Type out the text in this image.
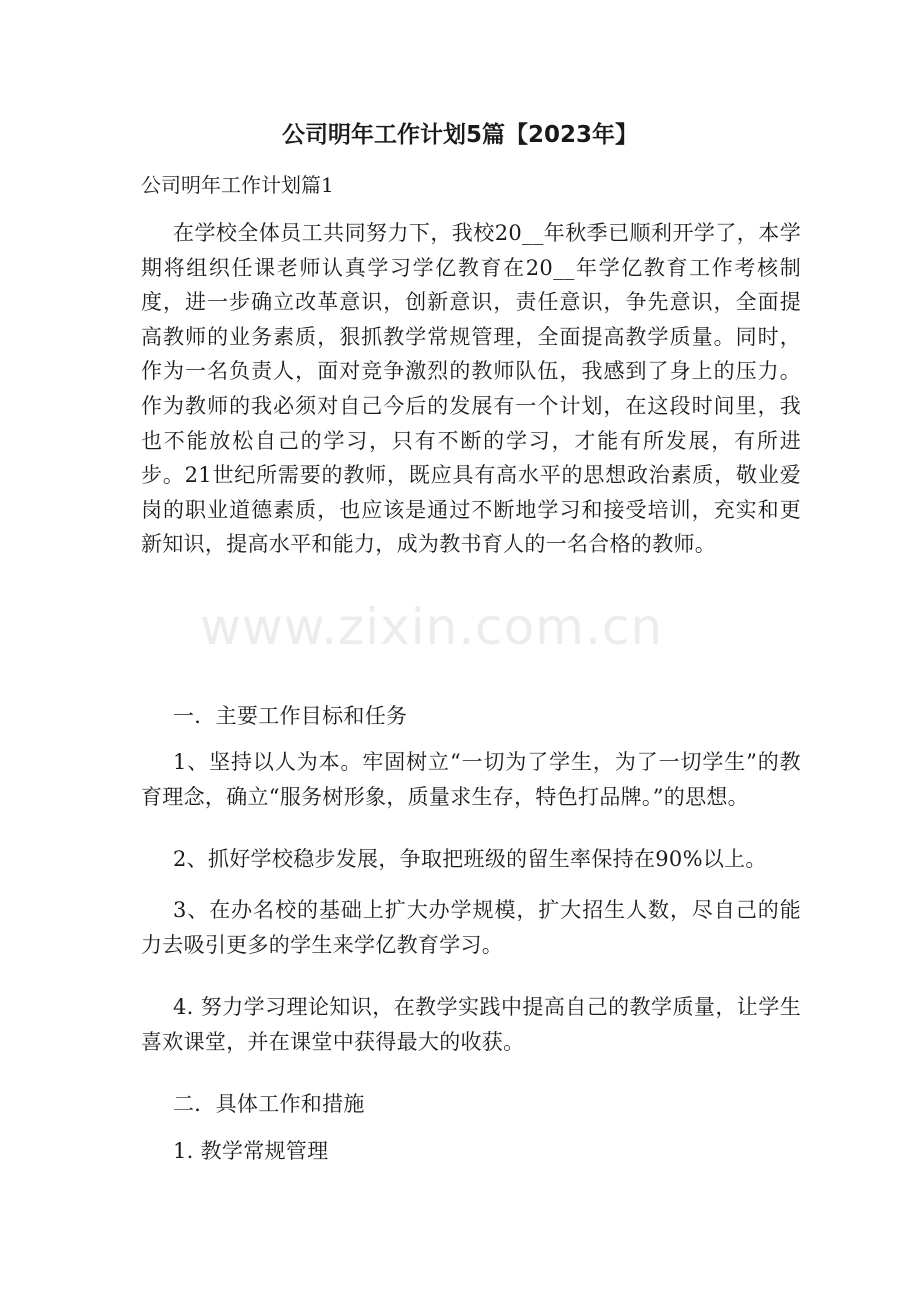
www.zixin.com.cn
公司明年工作计划5篇【2023年】

公司明年工作计划篇1

在学校全体员工共同努力下，我校20__年秋季已顺利开学了，本学期将组织任课老师认真学习学亿教育在20__年学亿教育工作考核制度，进一步确立改革意识，创新意识，责任意识，争先意识，全面提高教师的业务素质，狠抓教学常规管理，全面提高教学质量。同时，作为一名负责人，面对竞争激烈的教师队伍，我感到了身上的压力。作为教师的我必须对自己今后的发展有一个计划，在这段时间里，我也不能放松自己的学习，只有不断的学习，才能有所发展，有所进步。21世纪所需要的教师，既应具有高水平的思想政治素质，敬业爱岗的职业道德素质，也应该是通过不断地学习和接受培训，充实和更新知识，提高水平和能力，成为教书育人的一名合格的教师。

一．主要工作目标和任务

1、坚持以人为本。牢固树立“一切为了学生，为了一切学生”的教育理念，确立“服务树形象，质量求生存，特色打品牌。”的思想。

2、抓好学校稳步发展，争取把班级的留生率保持在90%以上。

3、在办名校的基础上扩大办学规模，扩大招生人数，尽自己的能力去吸引更多的学生来学亿教育学习。

4. 努力学习理论知识，在教学实践中提高自己的教学质量，让学生喜欢课堂，并在课堂中获得最大的收获。

二．具体工作和措施

1. 教学常规管理
